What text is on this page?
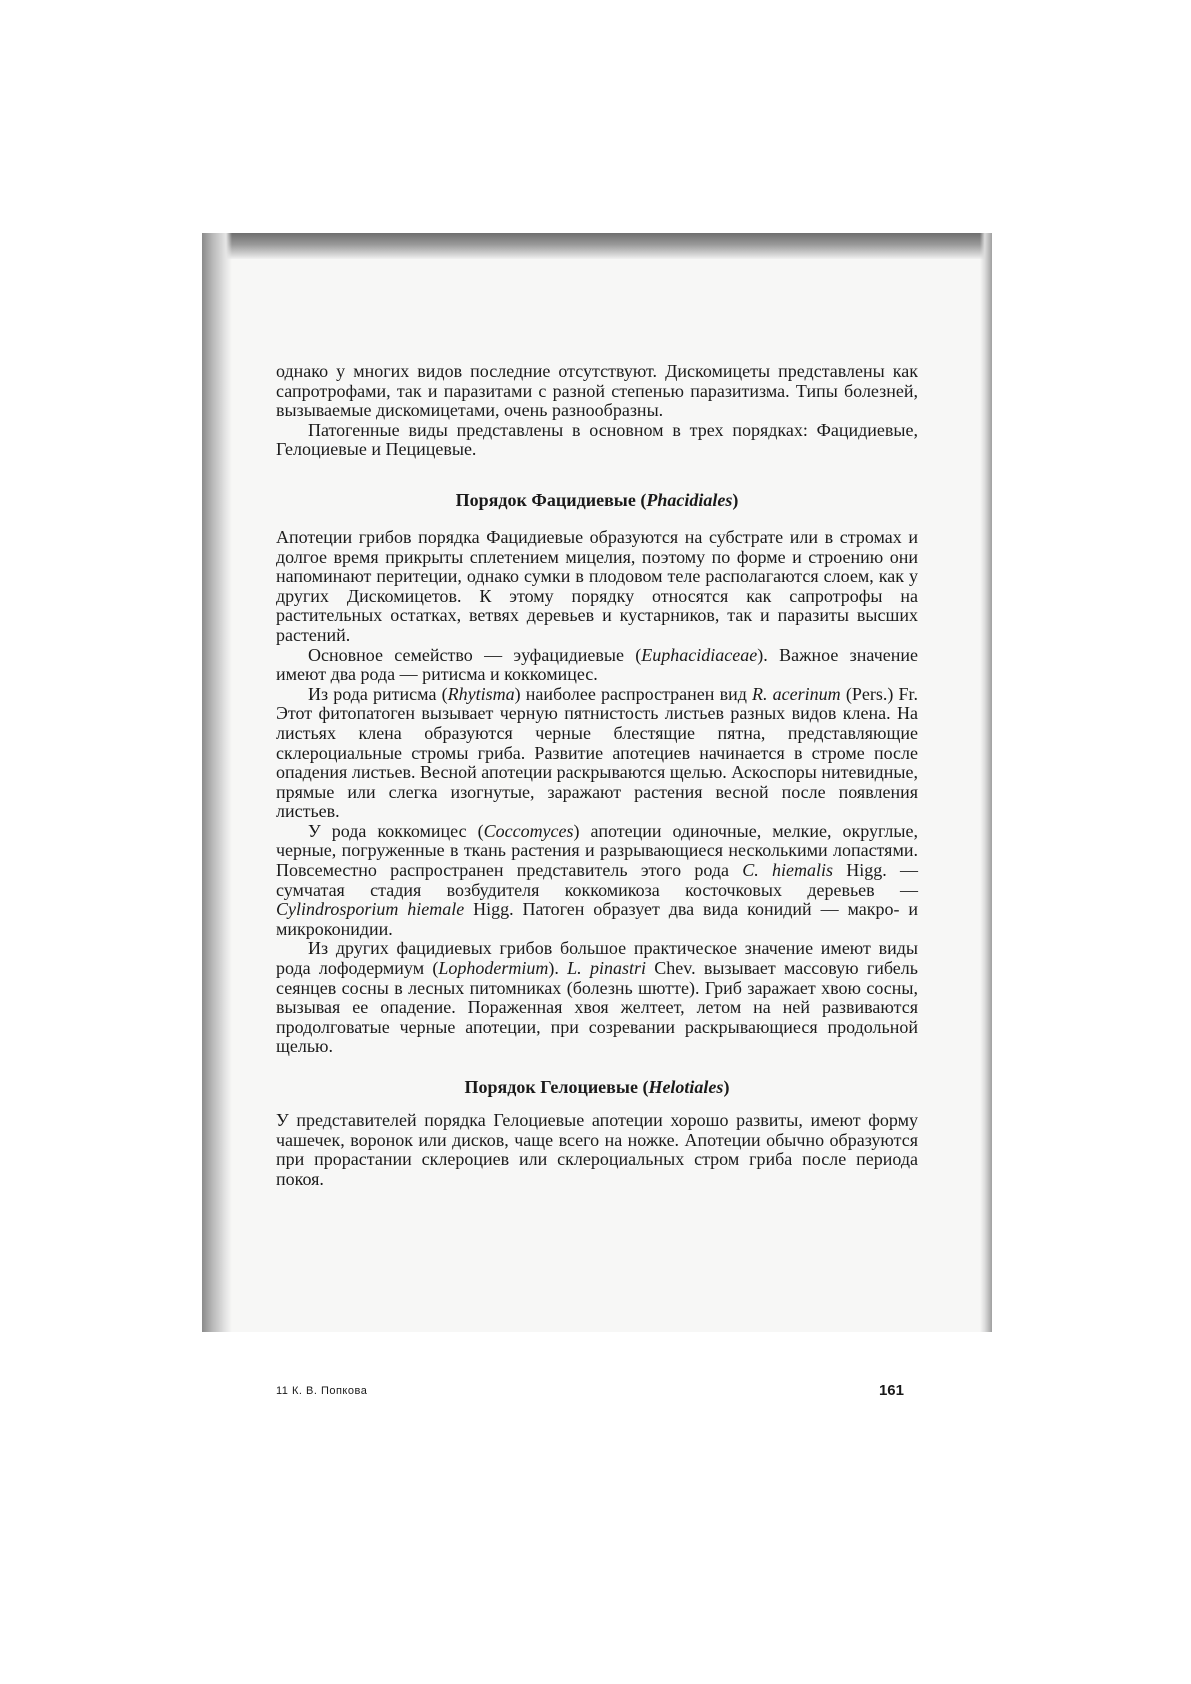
однако у многих видов последние отсутствуют. Дискомицеты представлены как сапротрофами, так и паразитами с разной степенью паразитизма. Типы болезней, вызываемые дискомицетами, очень разнообразны.

Патогенные виды представлены в основном в трех порядках: Фацидиевые, Гелоциевые и Пецицевые.

Порядок Фацидиевые (Phacidiales)

Апотеции грибов порядка Фацидиевые образуются на субстрате или в стромах и долгое время прикрыты сплетением мицелия, поэтому по форме и строению они напоминают перитеции, однако сумки в плодовом теле располагаются слоем, как у других Дискомицетов. К этому порядку относятся как сапротрофы на растительных остатках, ветвях деревьев и кустарников, так и паразиты высших растений.

Основное семейство — эуфацидиевые (Euphacidiaceae). Важное значение имеют два рода — ритисма и коккомицес.

Из рода ритисма (Rhytisma) наиболее распространен вид R. acerinum (Pers.) Fr. Этот фитопатоген вызывает черную пятнистость листьев разных видов клена. На листьях клена образуются черные блестящие пятна, представляющие склероциальные стромы гриба. Развитие апотециев начинается в строме после опадения листьев. Весной апотеции раскрываются щелью. Аскоспоры нитевидные, прямые или слегка изогнутые, заражают растения весной после появления листьев.

У рода коккомицес (Coccomyces) апотеции одиночные, мелкие, округлые, черные, погруженные в ткань растения и разрывающиеся несколькими лопастями. Повсеместно распространен представитель этого рода C. hiemalis Higg. — сумчатая стадия возбудителя коккомикоза косточковых деревьев — Cylindrosporium hiemale Higg. Патоген образует два вида конидий — макро- и микроконидии.

Из других фацидиевых грибов большое практическое значение имеют виды рода лофодермиум (Lophodermium). L. pinastri Chev. вызывает массовую гибель сеянцев сосны в лесных питомниках (болезнь шютте). Гриб заражает хвою сосны, вызывая ее опадение. Пораженная хвоя желтеет, летом на ней развиваются продолговатые черные апотеции, при созревании раскрывающиеся продольной щелью.

Порядок Гелоциевые (Helotiales)

У представителей порядка Гелоциевые апотеции хорошо развиты, имеют форму чашечек, воронок или дисков, чаще всего на ножке. Апотеции обычно образуются при прорастании склероциев или склероциальных стром гриба после периода покоя.

11 К. В. Попкова	161
